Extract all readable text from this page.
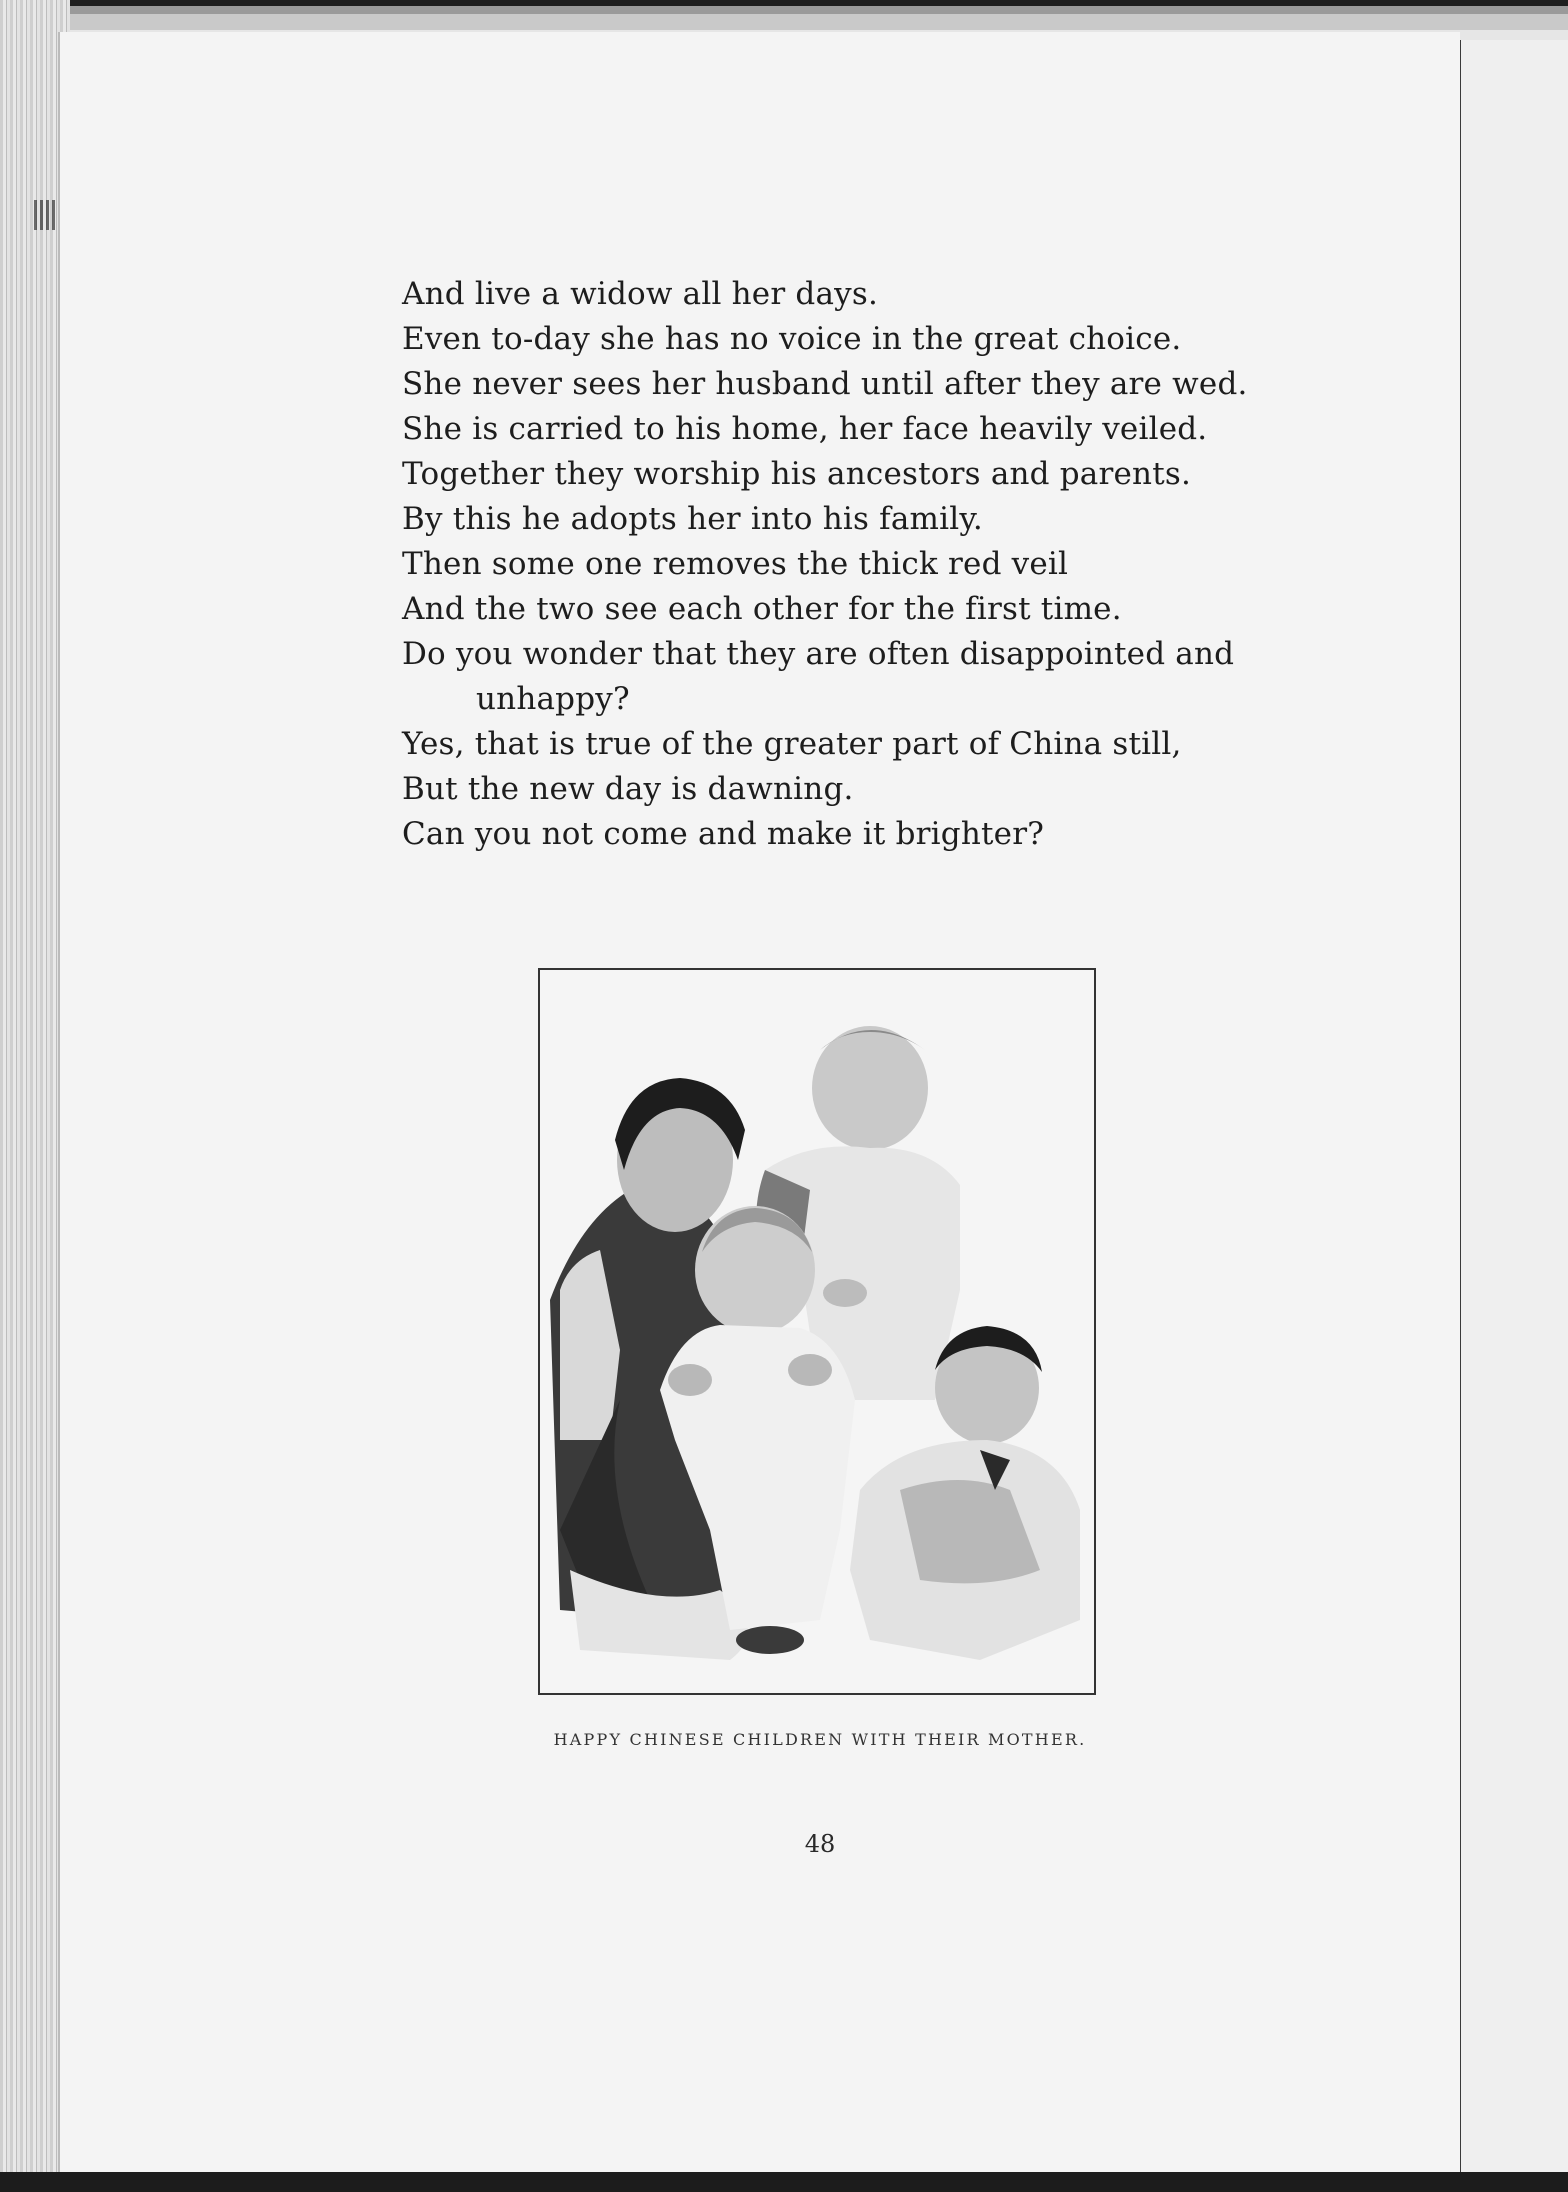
And live a widow all her days.
Even to-day she has no voice in the great choice.
She never sees her husband until after they are wed.
She is carried to his home, her face heavily veiled.
Together they worship his ancestors and parents.
By this he adopts her into his family.
Then some one removes the thick red veil
And the two see each other for the first time.
Do you wonder that they are often disappointed and
unhappy?
Yes, that is true of the greater part of China still,
But the new day is dawning.
Can you not come and make it brighter?
HAPPY CHINESE CHILDREN WITH THEIR MOTHER.
48
